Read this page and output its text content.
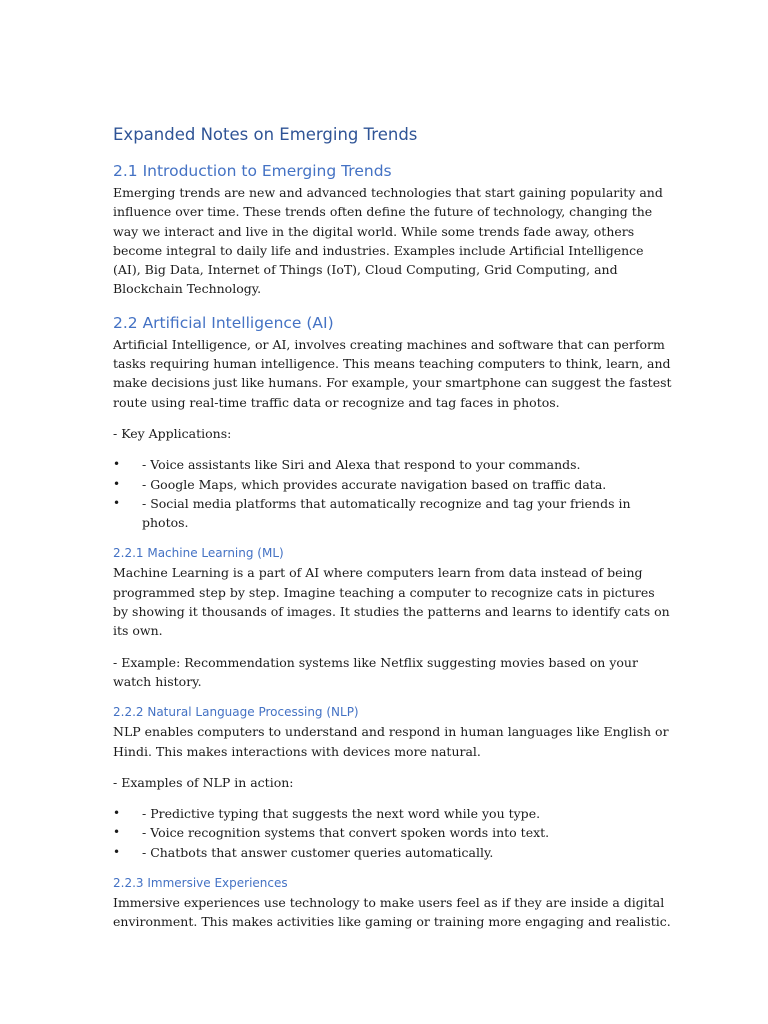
Expanded Notes on Emerging Trends
2.1 Introduction to Emerging Trends

Emerging trends are new and advanced technologies that start gaining popularity and influence over time. These trends often define the future of technology, changing the way we interact and live in the digital world. While some trends fade away, others become integral to daily life and industries. Examples include Artificial Intelligence (AI), Big Data, Internet of Things (IoT), Cloud Computing, Grid Computing, and Blockchain Technology.

2.2 Artificial Intelligence (AI)

Artificial Intelligence, or AI, involves creating machines and software that can perform tasks requiring human intelligence. This means teaching computers to think, learn, and make decisions just like humans. For example, your smartphone can suggest the fastest route using real-time traffic data or recognize and tag faces in photos.

- Key Applications:

• - Voice assistants like Siri and Alexa that respond to your commands.
• - Google Maps, which provides accurate navigation based on traffic data.
• - Social media platforms that automatically recognize and tag your friends in photos.
2.2.1 Machine Learning (ML)

Machine Learning is a part of AI where computers learn from data instead of being programmed step by step. Imagine teaching a computer to recognize cats in pictures by showing it thousands of images. It studies the patterns and learns to identify cats on its own.

- Example: Recommendation systems like Netflix suggesting movies based on your watch history.

2.2.2 Natural Language Processing (NLP)

NLP enables computers to understand and respond in human languages like English or Hindi. This makes interactions with devices more natural.

- Examples of NLP in action:

• - Predictive typing that suggests the next word while you type.
• - Voice recognition systems that convert spoken words into text.
• - Chatbots that answer customer queries automatically.
2.2.3 Immersive Experiences

Immersive experiences use technology to make users feel as if they are inside a digital environment. This makes activities like gaming or training more engaging and realistic.
